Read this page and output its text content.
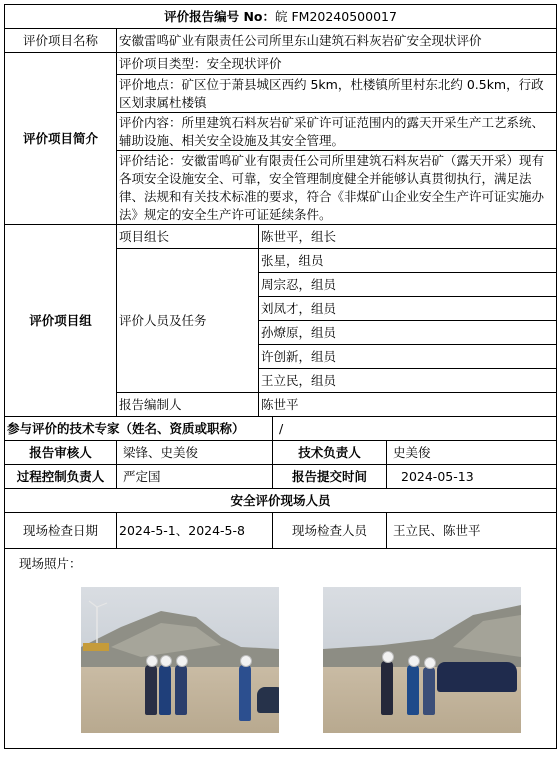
评价报告编号 No：皖 FM20240500017				
评价项目名称	安徽雷鸣矿业有限责任公司所里东山建筑石料灰岩矿安全现状评价			
评价项目简介	评价项目类型：安全现状评价			
	评价地点：矿区位于萧县城区西约 5km，杜楼镇所里村东北约 0.5km，行政区划隶属杜楼镇			
	评价内容：所里建筑石料灰岩矿采矿许可证范围内的露天开采生产工艺系统、辅助设施、相关安全设施及其安全管理。			
	评价结论：安徽雷鸣矿业有限责任公司所里建筑石料灰岩矿（露天开采）现有各项安全设施安全、可靠，安全管理制度健全并能够认真贯彻执行，满足法律、法规和有关技术标准的要求，符合《非煤矿山企业安全生产许可证实施办法》规定的安全生产许可证延续条件。			
评价项目组	项目组长	陈世平，组长		
	评价人员及任务	张星，组员		
		周宗忍，组员		
		刘凤才，组员		
		孙燎原，组员		
		许创新，组员		
		王立民，组员		
	报告编制人	陈世平		
参与评价的技术专家（姓名、资质或职称）			/	
报告审核人	梁锋、史美俊		技术负责人	史美俊
过程控制负责人	严定国		报告提交时间	2024-05-13
安全评价现场人员				
现场检查日期	2024-5-1、2024-5-8		现场检查人员	王立民、陈世平

现场照片：				
